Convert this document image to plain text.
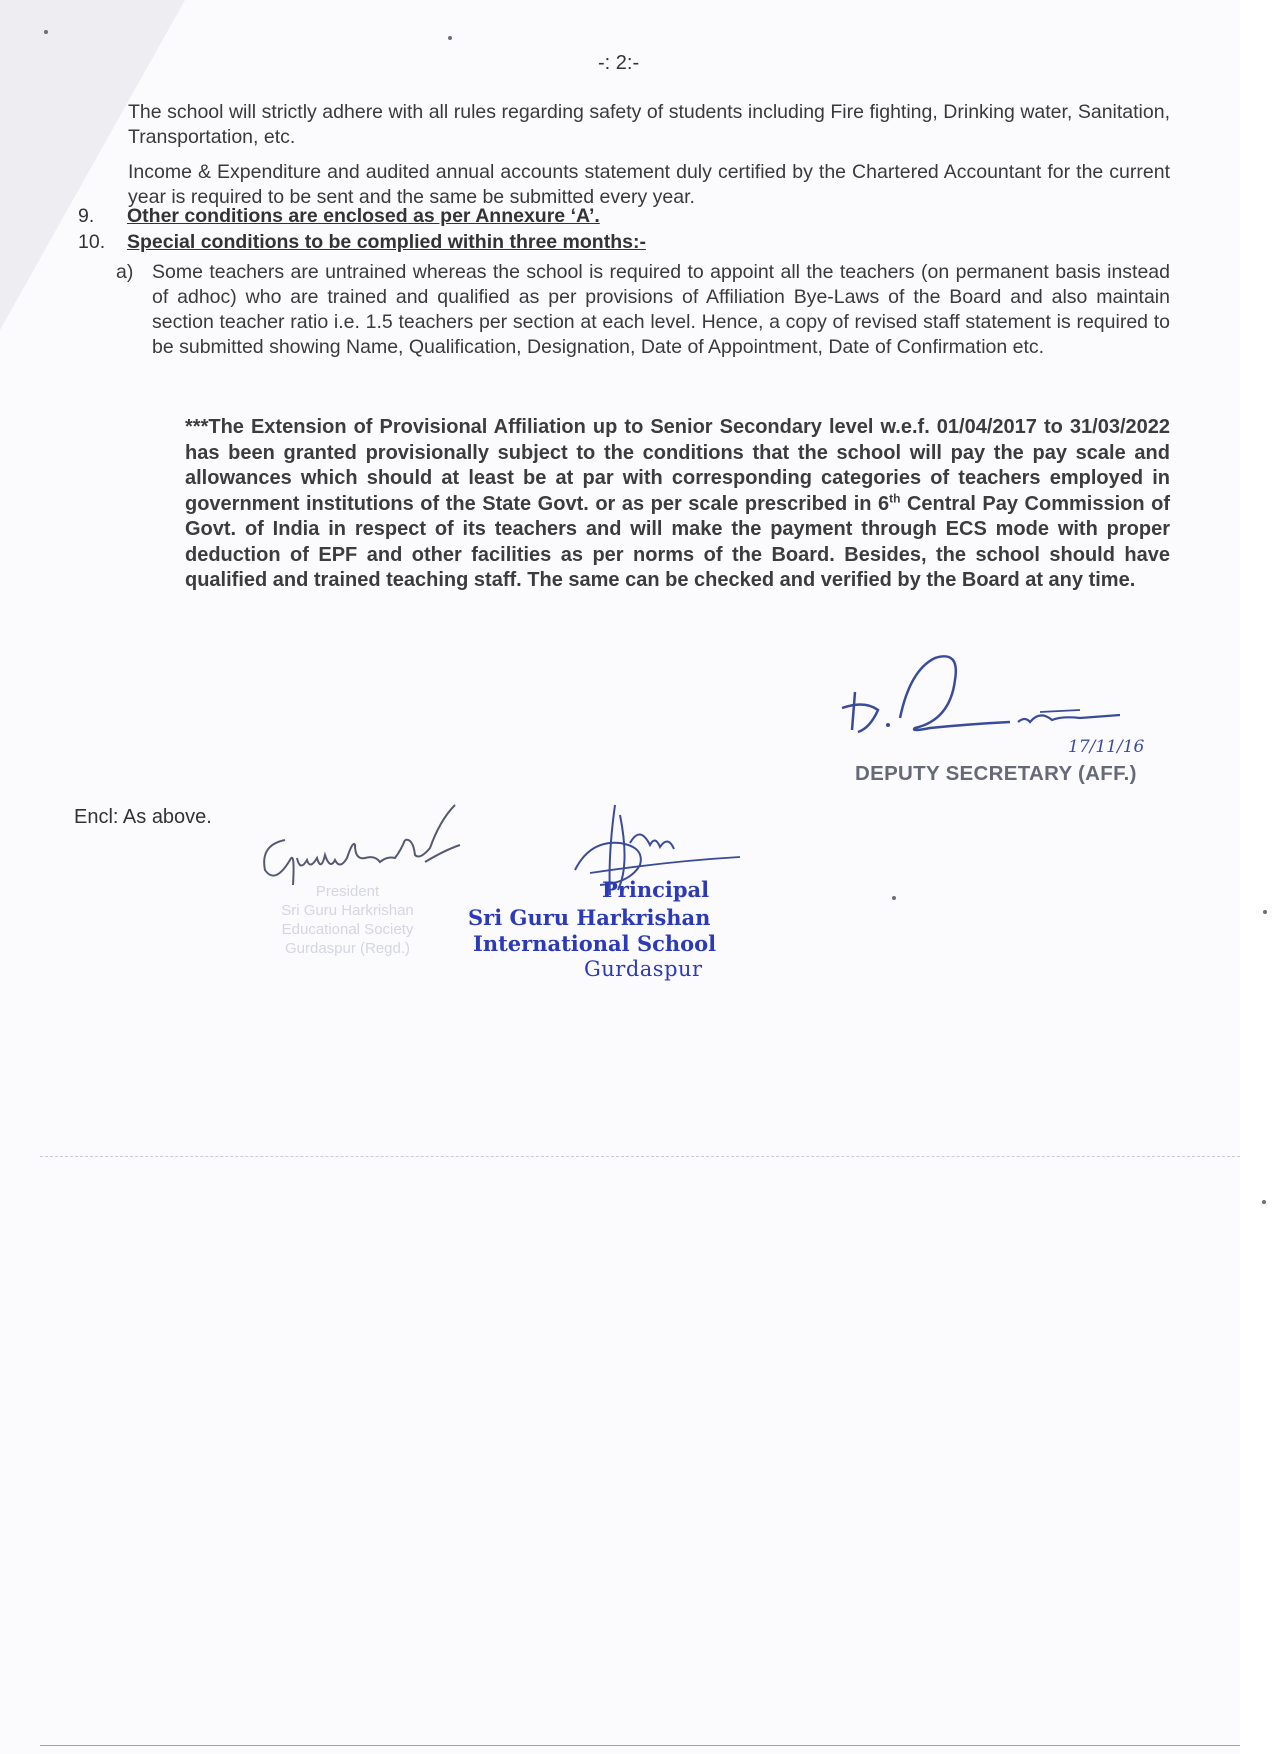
-: 2:-

The school will strictly adhere with all rules regarding safety of students including Fire fighting, Drinking water, Sanitation, Transportation, etc.

Income & Expenditure and audited annual accounts statement duly certified by the Chartered Accountant for the current year is required to be sent and the same be submitted every year.

9. Other conditions are enclosed as per Annexure ‘A’.
10. Special conditions to be complied within three months:-
a) Some teachers are untrained whereas the school is required to appoint all the teachers (on permanent basis instead of adhoc) who are trained and qualified as per provisions of Affiliation Bye-Laws of the Board and also maintain section teacher ratio i.e. 1.5 teachers per section at each level. Hence, a copy of revised staff statement is required to be submitted showing Name, Qualification, Designation, Date of Appointment, Date of Confirmation etc.

***The Extension of Provisional Affiliation up to Senior Secondary level w.e.f. 01/04/2017 to 31/03/2022 has been granted provisionally subject to the conditions that the school will pay the pay scale and allowances which should at least be at par with corresponding categories of teachers employed in government institutions of the State Govt. or as per scale prescribed in 6th Central Pay Commission of Govt. of India in respect of its teachers and will make the payment through ECS mode with proper deduction of EPF and other facilities as per norms of the Board. Besides, the school should have qualified and trained teaching staff. The same can be checked and verified by the Board at any time.

17/11/16
DEPUTY SECRETARY (AFF.)
Encl: As above.
President
Sri Guru Harkrishan
Educational Society
Gurdaspur (Regd.)
Principal
Sri Guru Harkrishan
International School
Gurdaspur
